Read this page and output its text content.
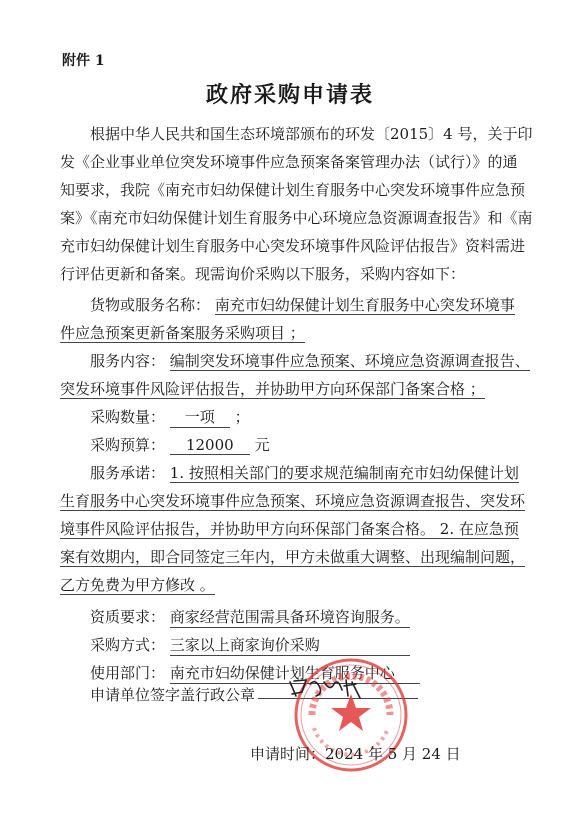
附件 1
政府采购申请表
根据中华人民共和国生态环境部颁布的环发〔2015〕4 号，关于印
发《企业事业单位突发环境事件应急预案备案管理办法（试行）》的通
知要求，我院《南充市妇幼保健计划生育服务中心突发环境事件应急预
案》《南充市妇幼保健计划生育服务中心环境应急资源调查报告》和《南
充市妇幼保健计划生育服务中心突发环境事件风险评估报告》资料需进
行评估更新和备案。现需询价采购以下服务，采购内容如下：
货物或服务名称： 南充市妇幼保健计划生育服务中心突发环境事
件应急预案更新备案服务采购项目 ；
服务内容： 编制突发环境事件应急预案、环境应急资源调查报告、
突发环境事件风险评估报告，并协助甲方向环保部门备案合格 ；
采购数量： 一项 ；
采购预算： 12000 元
服务承诺： 1. 按照相关部门的要求规范编制南充市妇幼保健计划
生育服务中心突发环境事件应急预案、环境应急资源调查报告、突发环
境事件风险评估报告，并协助甲方向环保部门备案合格。 2. 在应急预
案有效期内，即合同签定三年内，甲方未做重大调整、出现编制问题，
乙方免费为甲方修改 。
资质要求： 商家经营范围需具备环境咨询服务。
采购方式： 三家以上商家询价采购
使用部门： 南充市妇幼保健计划生育服务中心
申请单位签字盖行政公章
申请时间：2024 年 5 月 24 日
